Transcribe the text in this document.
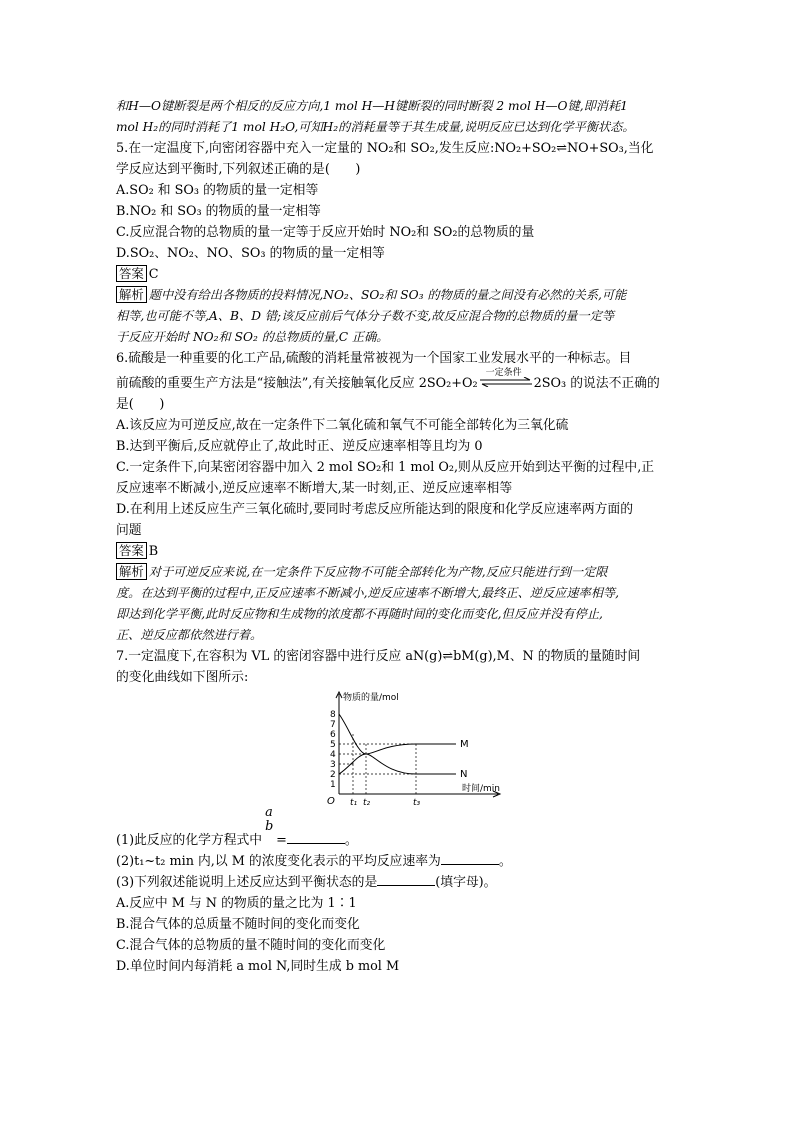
和H—O键断裂是两个相反的反应方向,1 mol H—H键断裂的同时断裂 2 mol H—O键,即消耗1

mol H₂的同时消耗了1 mol H₂O,可知H₂的消耗量等于其生成量,说明反应已达到化学平衡状态。

5.在一定温度下,向密闭容器中充入一定量的 NO₂和 SO₂,发生反应:NO₂+SO₂⇌NO+SO₃,当化

学反应达到平衡时,下列叙述正确的是(　　)

A.SO₂ 和 SO₃ 的物质的量一定相等

B.NO₂ 和 SO₃ 的物质的量一定相等

C.反应混合物的总物质的量一定等于反应开始时 NO₂和 SO₂的总物质的量

D.SO₂、NO₂、NO、SO₃ 的物质的量一定相等

答案 C

解析 题中没有给出各物质的投料情况,NO₂、SO₂和 SO₃ 的物质的量之间没有必然的关系,可能

相等,也可能不等,A、B、D 错;该反应前后气体分子数不变,故反应混合物的总物质的量一定等

于反应开始时 NO₂和 SO₂ 的总物质的量,C 正确。

6.硫酸是一种重要的化工产品,硫酸的消耗量常被视为一个国家工业发展水平的一种标志。目

前硫酸的重要生产方法是“接触法”,有关接触氧化反应 2SO₂+O₂
一定条件
2SO₃ 的说法不正确的

是(　　)

A.该反应为可逆反应,故在一定条件下二氧化硫和氧气不可能全部转化为三氧化硫

B.达到平衡后,反应就停止了,故此时正、逆反应速率相等且均为 0

C.一定条件下,向某密闭容器中加入 2 mol SO₂和 1 mol O₂,则从反应开始到达平衡的过程中,正

反应速率不断减小,逆反应速率不断增大,某一时刻,正、逆反应速率相等

D.在利用上述反应生产三氧化硫时,要同时考虑反应所能达到的限度和化学反应速率两方面的

问题

答案 B

解析 对于可逆反应来说,在一定条件下反应物不可能全部转化为产物,反应只能进行到一定限

度。在达到平衡的过程中,正反应速率不断减小,逆反应速率不断增大,最终正、逆反应速率相等,

即达到化学平衡,此时反应物和生成物的浓度都不再随时间的变化而变化,但反应并没有停止,

正、逆反应都依然进行着。

7.一定温度下,在容积为 VL 的密闭容器中进行反应 aN(g)⇌bM(g),M、N 的物质的量随时间

的变化曲线如下图所示:

物质的量/mol
时间/min
O
1
2
3
4
5
6
7
8
t₁ t₂	t₃
M
N

(1)此反应的化学方程式中
a
b
=	。

(2)t₁~t₂ min 内,以 M 的浓度变化表示的平均反应速率为	。

(3)下列叙述能说明上述反应达到平衡状态的是	(填字母)。

A.反应中 M 与 N 的物质的量之比为 1∶1

B.混合气体的总质量不随时间的变化而变化

C.混合气体的总物质的量不随时间的变化而变化

D.单位时间内每消耗 a mol N,同时生成 b mol M
